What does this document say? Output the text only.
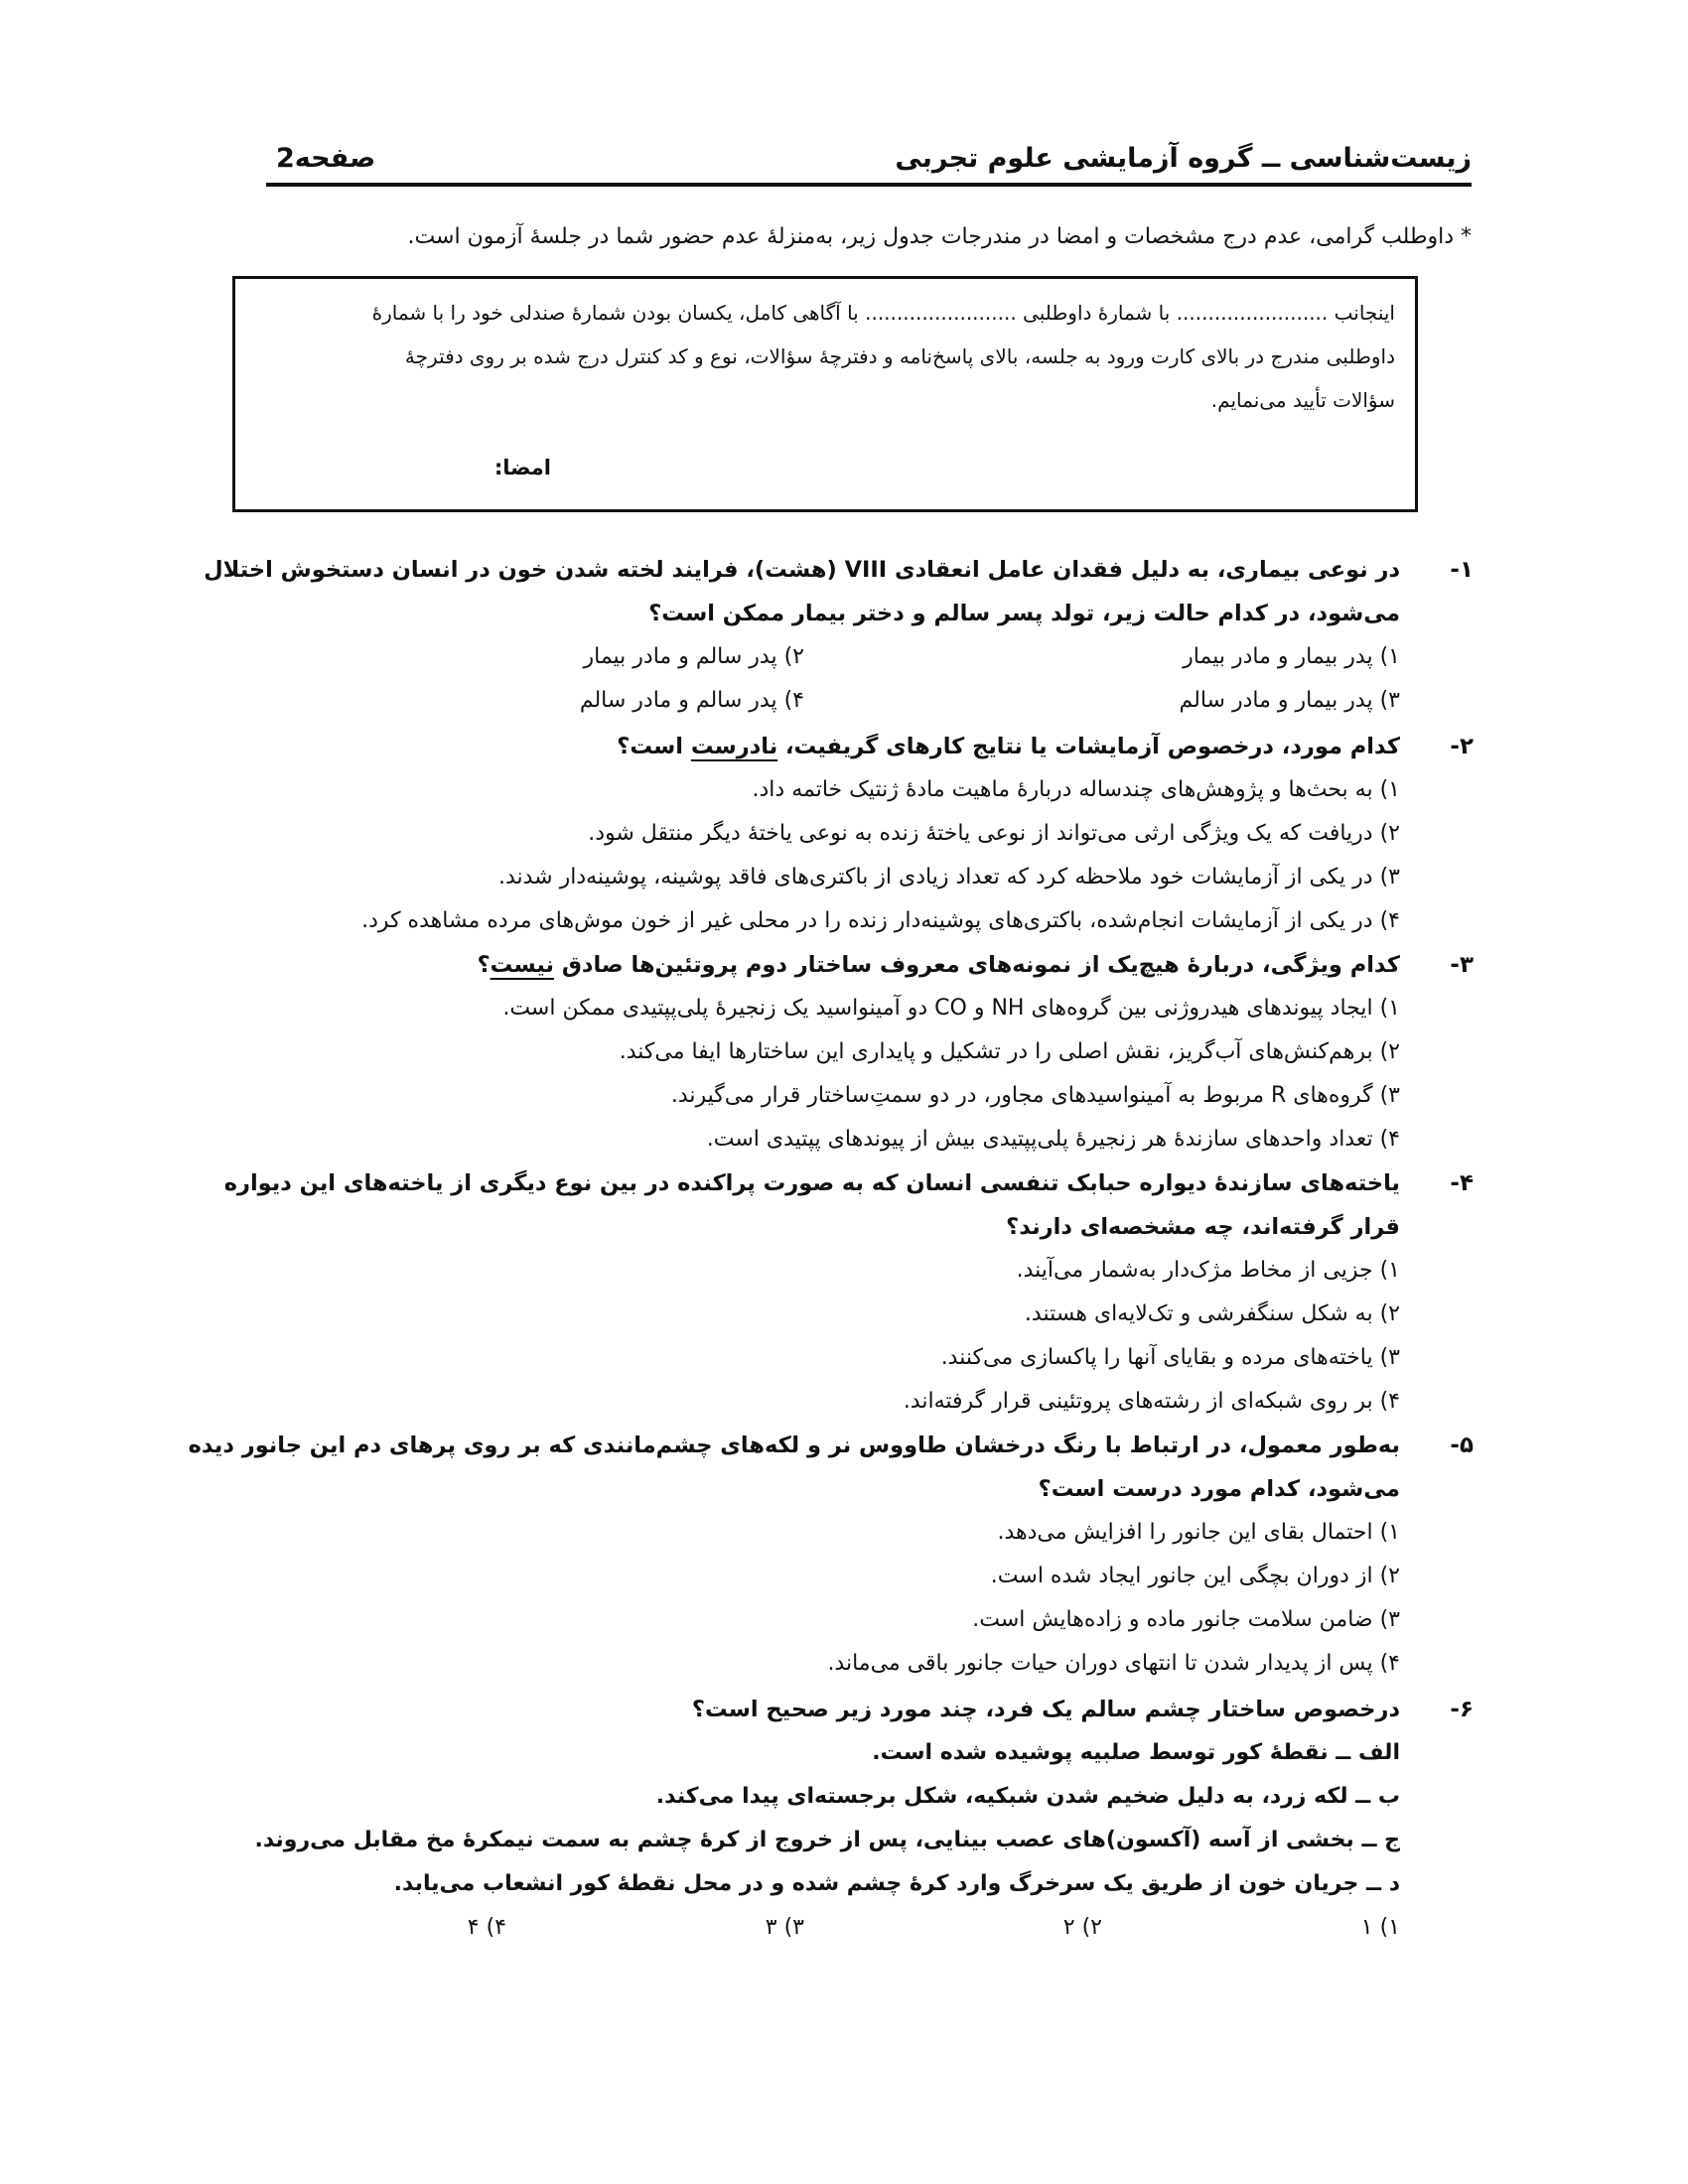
زیست‌شناسی ــ گروه آزمایشی علوم تجربی
صفحه2
* داوطلب گرامی، عدم درج مشخصات و امضا در مندرجات جدول زیر، به‌منزلهٔ عدم حضور شما در جلسهٔ آزمون است.
اینجانب ........................ با شمارهٔ داوطلبی ........................ با آگاهی کامل، یکسان بودن شمارهٔ صندلی خود را با شمارهٔ
داوطلبی مندرج در بالای کارت ورود به جلسه، بالای پاسخ‌نامه و دفترچهٔ سؤالات، نوع و کد کنترل درج شده بر روی دفترچهٔ
سؤالات تأیید می‌نمایم.
امضا:
۱-
در نوعی بیماری، به دلیل فقدان عامل انعقادی VIII (هشت)، فرایند لخته شدن خون در انسان دستخوش اختلال
می‌شود، در کدام حالت زیر، تولد پسر سالم و دختر بیمار ممکن است؟
۱) پدر بیمار و مادر بیمار
۲) پدر سالم و مادر بیمار
۳) پدر بیمار و مادر سالم
۴) پدر سالم و مادر سالم
۲-
کدام مورد، درخصوص آزمایشات یا نتایج کارهای گریفیت، نادرست است؟
۱) به بحث‌ها و پژوهش‌های چندساله دربارهٔ ماهیت مادهٔ ژنتیک خاتمه داد.
۲) دریافت که یک ویژگی ارثی می‌تواند از نوعی یاختهٔ زنده به نوعی یاختهٔ دیگر منتقل شود.
۳) در یکی از آزمایشات خود ملاحظه کرد که تعداد زیادی از باکتری‌های فاقد پوشینه، پوشینه‌دار شدند.
۴) در یکی از آزمایشات انجام‌شده، باکتری‌های پوشینه‌دار زنده را در محلی غیر از خون موش‌های مرده مشاهده کرد.
۳-
کدام ویژگی، دربارهٔ هیچ‌یک از نمونه‌های معروف ساختار دوم پروتئین‌ها صادق نیست؟
۱) ایجاد پیوندهای هیدروژنی بین گروه‌های NH و CO دو آمینواسید یک زنجیرهٔ پلی‌پپتیدی ممکن است.
۲) برهم‌کنش‌های آب‌گریز، نقش اصلی را در تشکیل و پایداری این ساختارها ایفا می‌کند.
۳) گروه‌های R مربوط به آمینواسیدهای مجاور، در دو سمتِ‌ساختار قرار می‌گیرند.
۴) تعداد واحدهای سازندهٔ هر زنجیرهٔ پلی‌پپتیدی بیش از پیوندهای پپتیدی است.
۴-
یاخته‌های سازندهٔ دیواره حبابک تنفسی انسان که به صورت پراکنده در بین نوع دیگری از یاخته‌های این دیواره
قرار گرفته‌اند، چه مشخصه‌ای دارند؟
۱) جزیی از مخاط مژک‌دار به‌شمار می‌آیند.
۲) به شکل سنگفرشی و تک‌لایه‌ای هستند.
۳) یاخته‌های مرده و بقایای آنها را پاکسازی می‌کنند.
۴) بر روی شبکه‌ای از رشته‌های پروتئینی قرار گرفته‌اند.
۵-
به‌طور معمول، در ارتباط با رنگ درخشان طاووس نر و لکه‌های چشم‌مانندی که بر روی پرهای دم این جانور دیده
می‌شود، کدام مورد درست است؟
۱) احتمال بقای این جانور را افزایش می‌دهد.
۲) از دوران بچگی این جانور ایجاد شده است.
۳) ضامن سلامت جانور ماده و زاده‌هایش است.
۴) پس از پدیدار شدن تا انتهای دوران حیات جانور باقی می‌ماند.
۶-
درخصوص ساختار چشم سالم یک فرد، چند مورد زیر صحیح است؟
الف ــ نقطهٔ کور توسط صلبیه پوشیده شده است.
ب ــ لکه زرد، به دلیل ضخیم شدن شبکیه، شکل برجسته‌ای پیدا می‌کند.
ج ــ بخشی از آسه (آکسون)های عصب بینایی، پس از خروج از کرهٔ چشم به سمت نیمکرهٔ مخ مقابل می‌روند.
د ــ جریان خون از طریق یک سرخرگ وارد کرهٔ چشم شده و در محل نقطهٔ کور انشعاب می‌یابد.
۱) ۱
۲) ۲
۳) ۳
۴) ۴
